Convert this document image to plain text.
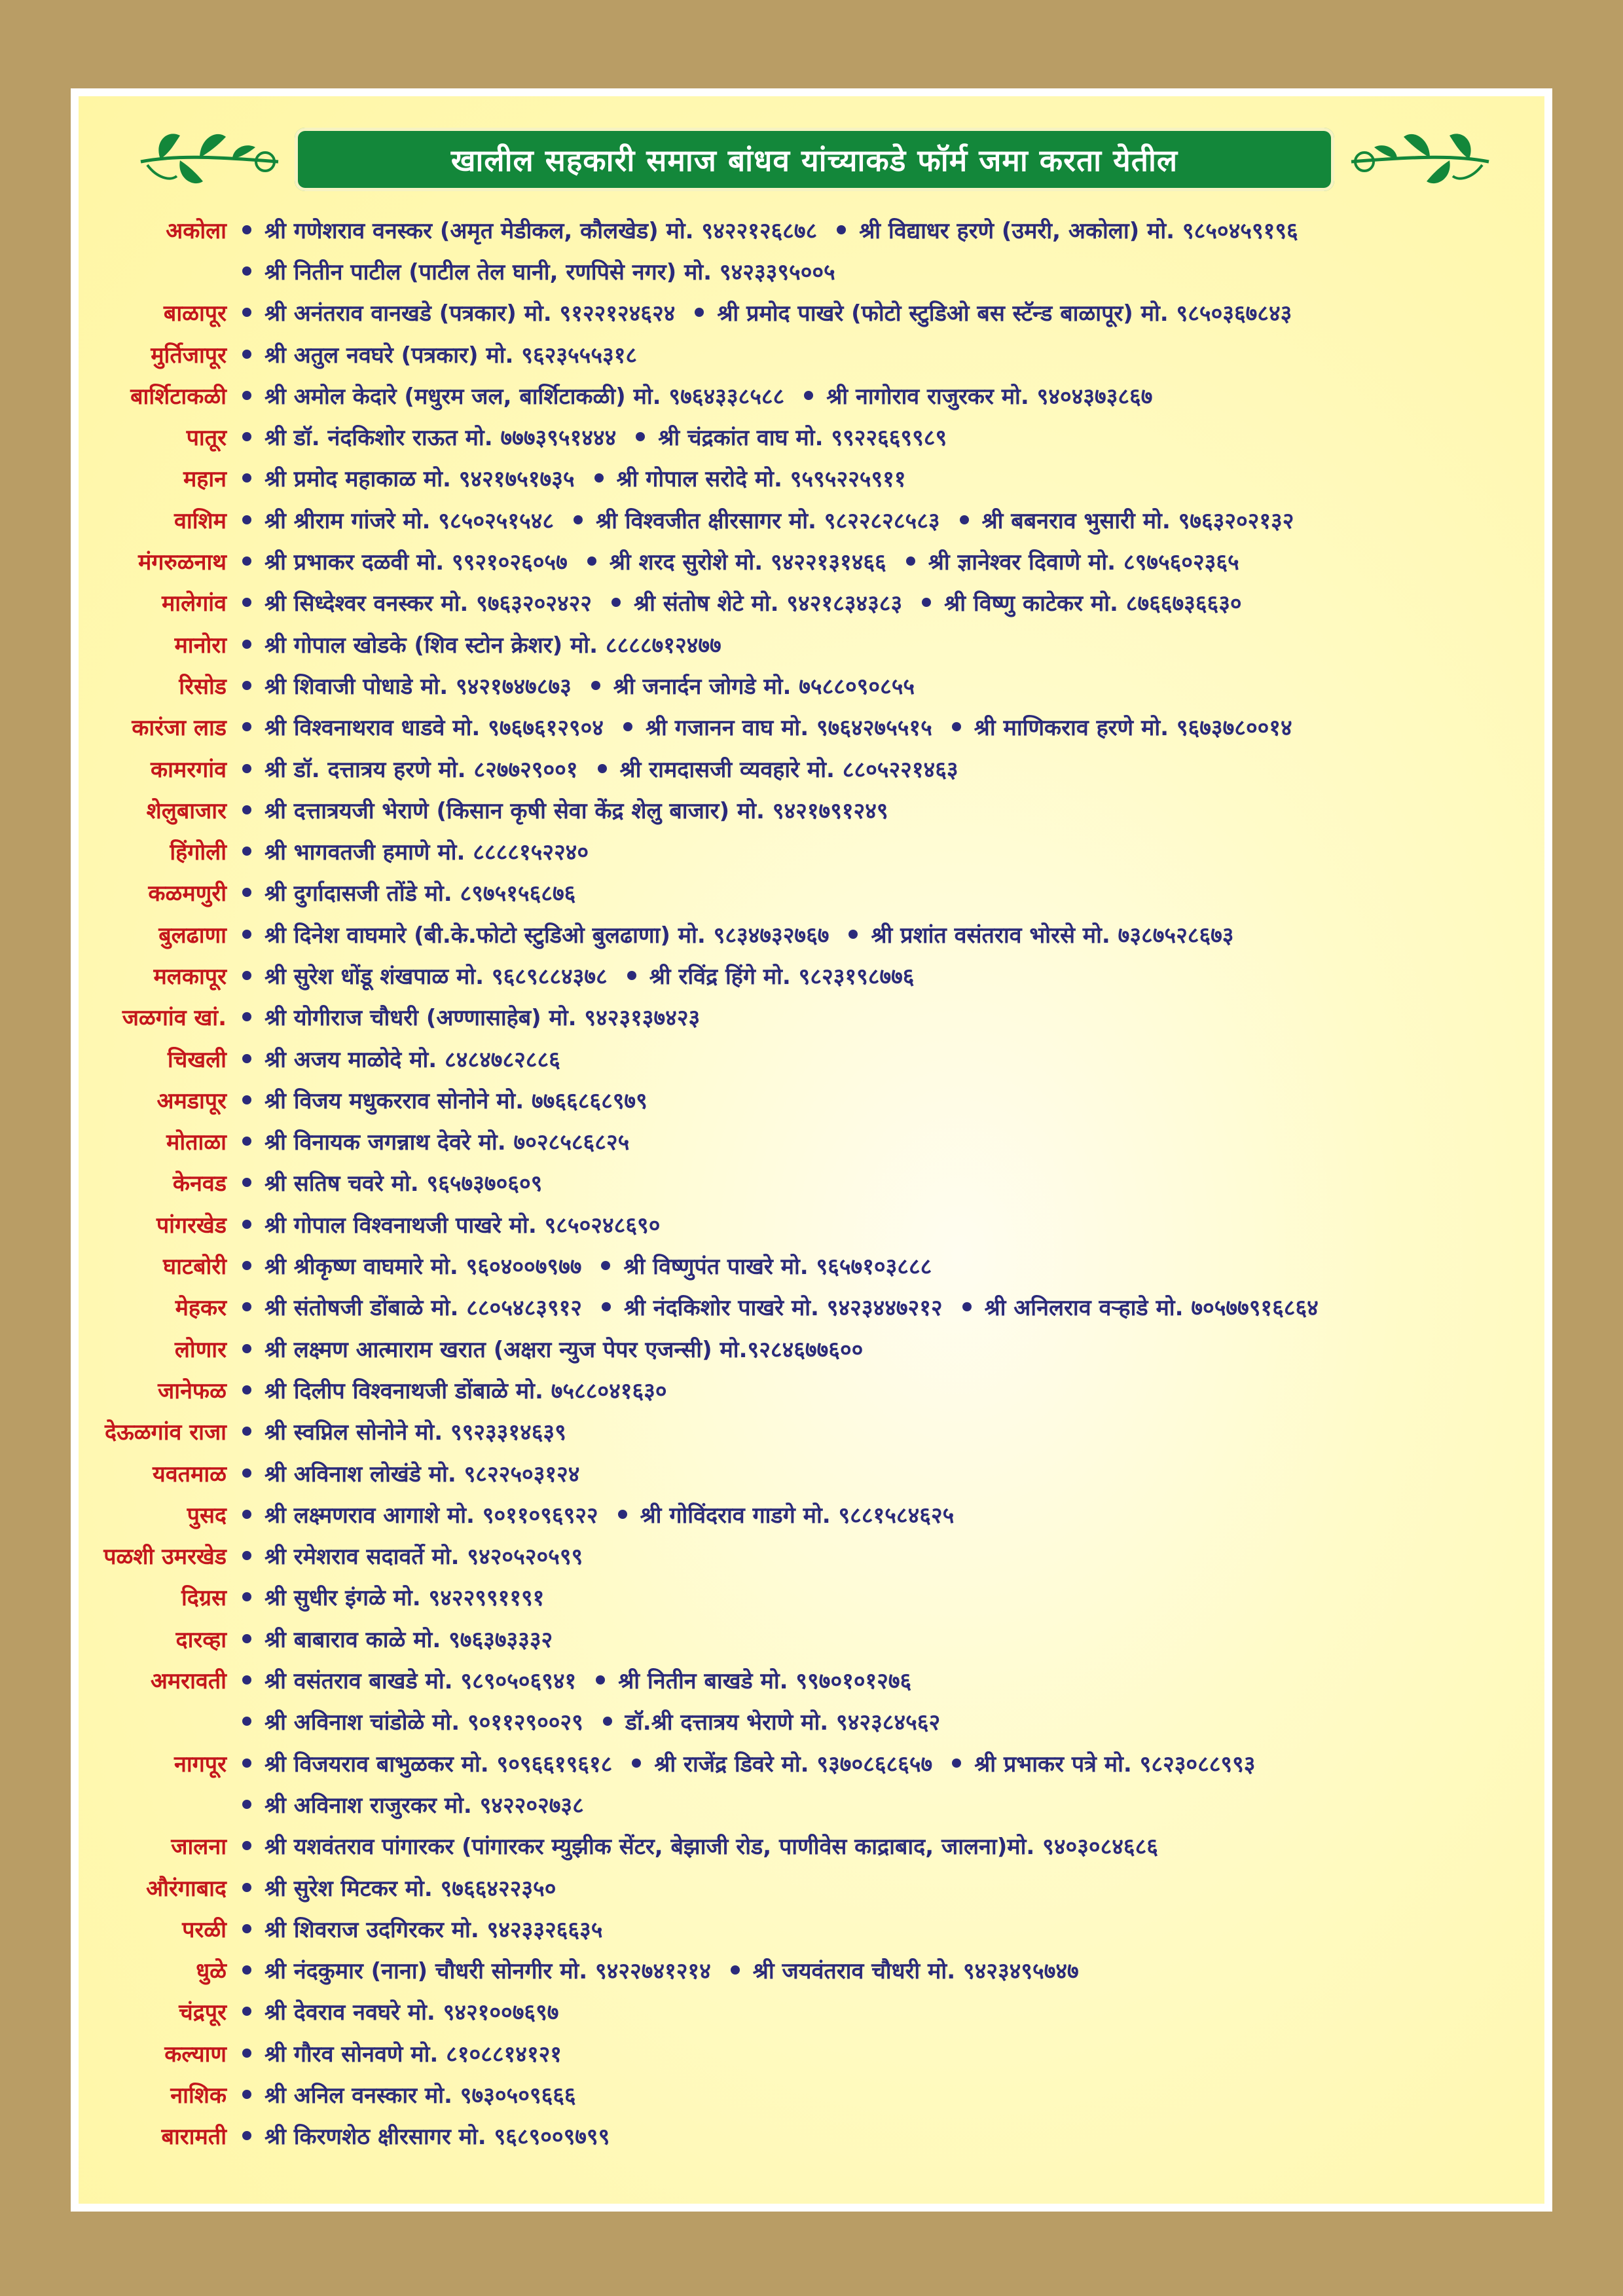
खालील सहकारी समाज बांधव यांच्याकडे फॉर्म जमा करता येतील
अकोला	श्री गणेशराव वनस्कर (अमृत मेडीकल, कौलखेड) मो. ९४२२१२६८७८ श्री विद्याधर हरणे (उमरी, अकोला) मो. ९८५०४५९१९६
श्री नितीन पाटील (पाटील तेल घानी, रणपिसे नगर) मो. ९४२३३९५००५
बाळापूर	श्री अनंतराव वानखडे (पत्रकार) मो. ९१२२१२४६२४ श्री प्रमोद पाखरे (फोटो स्टुडिओ बस स्टॅन्ड बाळापूर) मो. ९८५०३६७८४३
मुर्तिजापूर	श्री अतुल नवघरे (पत्रकार) मो. ९६२३५५५३१८
बार्शिटाकळी	श्री अमोल केदारे (मधुरम जल, बार्शिटाकळी) मो. ९७६४३३८५८८ श्री नागोराव राजुरकर मो. ९४०४३७३८६७
पातूर	श्री डॉ. नंदकिशोर राऊत मो. ७७७३९५१४४४ श्री चंद्रकांत वाघ मो. ९९२२६६९९८९
महान	श्री प्रमोद महाकाळ मो. ९४२१७५१७३५ श्री गोपाल सरोदे मो. ९५९५२२५९११
वाशिम	श्री श्रीराम गांजरे मो. ९८५०२५१५४८ श्री विश्वजीत क्षीरसागर मो. ९८२२८२८५८३ श्री बबनराव भुसारी मो. ९७६३२०२१३२
मंगरुळनाथ	श्री प्रभाकर दळवी मो. ९९२१०२६०५७ श्री शरद सुरोशे मो. ९४२२१३१४६६ श्री ज्ञानेश्वर दिवाणे मो. ८९७५६०२३६५
मालेगांव	श्री सिध्देश्वर वनस्कर मो. ९७६३२०२४२२ श्री संतोष शेटे मो. ९४२१८३४३८३ श्री विष्णु काटेकर मो. ८७६६७३६६३०
मानोरा	श्री गोपाल खोडके (शिव स्टोन क्रेशर) मो. ८८८८७१२४७७
रिसोड	श्री शिवाजी पोधाडे मो. ९४२१७४७८७३ श्री जनार्दन जोगडे मो. ७५८८०९०८५५
कारंजा लाड	श्री विश्वनाथराव धाडवे मो. ९७६७६१२९०४ श्री गजानन वाघ मो. ९७६४२७५५१५ श्री माणिकराव हरणे मो. ९६७३७८००१४
कामरगांव	श्री डॉ. दत्तात्रय हरणे मो. ८२७७२९००१ श्री रामदासजी व्यवहारे मो. ८८०५२२१४६३
शेलुबाजार	श्री दत्तात्रयजी भेराणे (किसान कृषी सेवा केंद्र शेलु बाजार) मो. ९४२१७९१२४९
हिंगोली	श्री भागवतजी हमाणे मो. ८८८८१५२२४०
कळमणुरी	श्री दुर्गादासजी तोंडे मो. ८९७५१५६८७६
बुलढाणा	श्री दिनेश वाघमारे (बी.के.फोटो स्टुडिओ बुलढाणा) मो. ९८३४७३२७६७ श्री प्रशांत वसंतराव भोरसे मो. ७३८७५२८६७३
मलकापूर	श्री सुरेश धोंडू शंखपाळ मो. ९६८९८८४३७८ श्री रविंद्र हिंगे मो. ९८२३१९८७७६
जळगांव खां.	श्री योगीराज चौधरी (अण्णासाहेब) मो. ९४२३१३७४२३
चिखली	श्री अजय माळोदे मो. ८४८४७८२८८६
अमडापूर	श्री विजय मधुकरराव सोनोने मो. ७७६६८६८९७९
मोताळा	श्री विनायक जगन्नाथ देवरे मो. ७०२८५८६८२५
केनवड	श्री सतिष चवरे मो. ९६५७३७०६०९
पांगरखेड	श्री गोपाल विश्वनाथजी पाखरे मो. ९८५०२४८६९०
घाटबोरी	श्री श्रीकृष्ण वाघमारे मो. ९६०४००७९७७ श्री विष्णुपंत पाखरे मो. ९६५७१०३८८८
मेहकर	श्री संतोषजी डोंबाळे मो. ८८०५४८३९१२ श्री नंदकिशोर पाखरे मो. ९४२३४४७२१२ श्री अनिलराव वऱ्हाडे मो. ७०५७७९१६८६४
लोणार	श्री लक्ष्मण आत्माराम खरात (अक्षरा न्युज पेपर एजन्सी) मो.९२८४६७७६००
जानेफळ	श्री दिलीप विश्वनाथजी डोंबाळे मो. ७५८८०४१६३०
देऊळगांव राजा	श्री स्वप्निल सोनोने मो. ९९२३३१४६३९
यवतमाळ	श्री अविनाश लोखंडे मो. ९८२२५०३१२४
पुसद	श्री लक्ष्मणराव आगाशे मो. ९०११०९६९२२ श्री गोविंदराव गाडगे मो. ९८८१५८४६२५
पळशी उमरखेड	श्री रमेशराव सदावर्ते मो. ९४२०५२०५९९
दिग्रस	श्री सुधीर इंगळे मो. ९४२२९९११९१
दारव्हा	श्री बाबाराव काळे मो. ९७६३७३३३२
अमरावती	श्री वसंतराव बाखडे मो. ९८९०५०६९४१ श्री नितीन बाखडे मो. ९९७०१०१२७६
श्री अविनाश चांडोळे मो. ९०११२९००२९ डॉ.श्री दत्तात्रय भेराणे मो. ९४२३८४५६२
नागपूर	श्री विजयराव बाभुळकर मो. ९०९६६१९६१८ श्री राजेंद्र डिवरे मो. ९३७०८६८६५७ श्री प्रभाकर पत्रे मो. ९८२३०८८९९३
श्री अविनाश राजुरकर मो. ९४२२०२७३८
जालना	श्री यशवंतराव पांगारकर (पांगारकर म्युझीक सेंटर, बेझाजी रोड, पाणीवेस काद्राबाद, जालना)मो. ९४०३०८४६८६
औरंगाबाद	श्री सुरेश मिटकर मो. ९७६६४२२३५०
परळी	श्री शिवराज उदगिरकर मो. ९४२३३२६६३५
धुळे	श्री नंदकुमार (नाना) चौधरी सोनगीर मो. ९४२२७४१२१४ श्री जयवंतराव चौधरी मो. ९४२३४९५७४७
चंद्रपूर	श्री देवराव नवघरे मो. ९४२१००७६९७
कल्याण	श्री गौरव सोनवणे मो. ८१०८८१४१२१
नाशिक	श्री अनिल वनस्कार मो. ९७३०५०९६६६
बारामती	श्री किरणशेठ क्षीरसागर मो. ९६८९००९७९९
